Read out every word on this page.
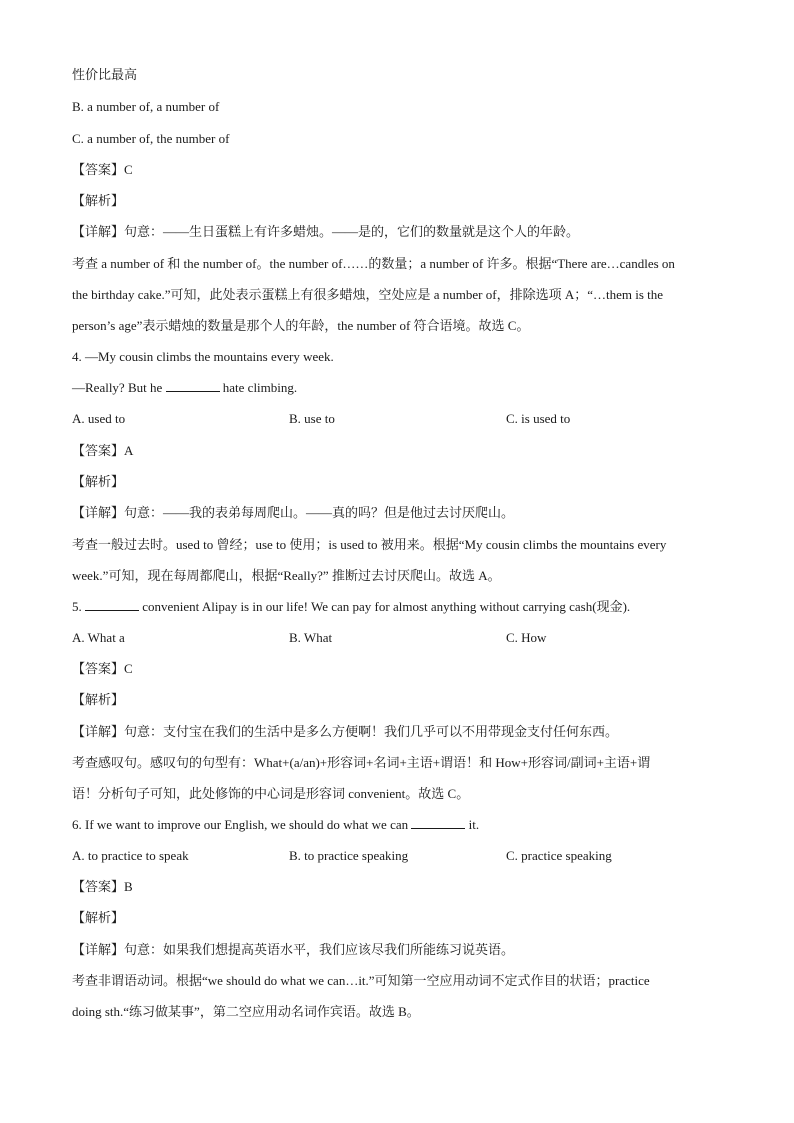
性价比最高
B. a number of, a number of
C. a number of, the number of
【答案】C
【解析】
【详解】句意：——生日蛋糕上有许多蜡烛。——是的，它们的数量就是这个人的年龄。
考查 a number of 和 the number of。the number of……的数量；a number of 许多。根据“There are…candles on
the birthday cake.”可知，此处表示蛋糕上有很多蜡烛，空处应是 a number of，排除选项 A；“…them is the
person’s age”表示蜡烛的数量是那个人的年龄，the number of 符合语境。故选 C。
4. —My cousin climbs the mountains every week.
—Really? But he	hate climbing.
A. used to	B. use to	C. is used to
【答案】A
【解析】
【详解】句意：——我的表弟每周爬山。——真的吗？但是他过去讨厌爬山。
考查一般过去时。used to 曾经；use to 使用；is used to 被用来。根据“My cousin climbs the mountains every
week.”可知，现在每周都爬山，根据“Really?” 推断过去讨厌爬山。故选 A。
5.	convenient Alipay is in our life! We can pay for almost anything without carrying cash(现金).
A. What a	B. What	C. How
【答案】C
【解析】
【详解】句意：支付宝在我们的生活中是多么方便啊！我们几乎可以不用带现金支付任何东西。
考查感叹句。感叹句的句型有：What+(a/an)+形容词+名词+主语+谓语！和 How+形容词/副词+主语+谓
语！分析句子可知，此处修饰的中心词是形容词 convenient。故选 C。
6. If we want to improve our English, we should do what we can	it.
A. to practice to speak	B. to practice speaking	C. practice speaking
【答案】B
【解析】
【详解】句意：如果我们想提高英语水平，我们应该尽我们所能练习说英语。
考查非谓语动词。根据“we should do what we can…it.”可知第一空应用动词不定式作目的状语；practice
doing sth.“练习做某事”，第二空应用动名词作宾语。故选 B。
